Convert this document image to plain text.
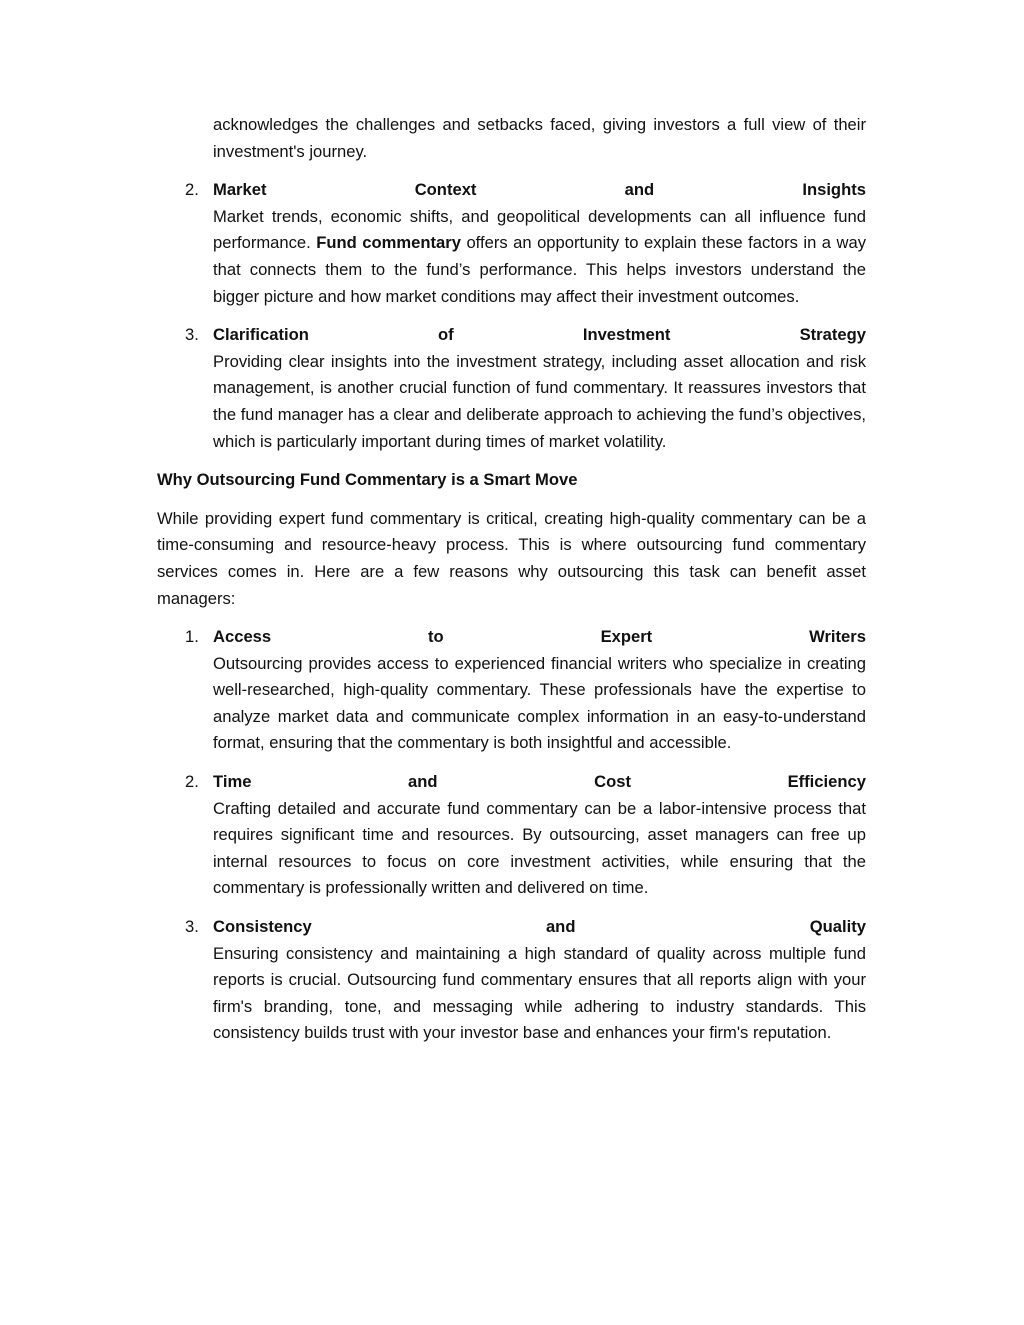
acknowledges the challenges and setbacks faced, giving investors a full view of their investment's journey.

2. Market	Context	and	Insights
Market trends, economic shifts, and geopolitical developments can all influence fund performance. Fund commentary offers an opportunity to explain these factors in a way that connects them to the fund’s performance. This helps investors understand the bigger picture and how market conditions may affect their investment outcomes.
3. Clarification	of	Investment	Strategy
Providing clear insights into the investment strategy, including asset allocation and risk management, is another crucial function of fund commentary. It reassures investors that the fund manager has a clear and deliberate approach to achieving the fund’s objectives, which is particularly important during times of market volatility.
Why Outsourcing Fund Commentary is a Smart Move

While providing expert fund commentary is critical, creating high-quality commentary can be a time-consuming and resource-heavy process. This is where outsourcing fund commentary services comes in. Here are a few reasons why outsourcing this task can benefit asset managers:

1. Access	to	Expert	Writers
Outsourcing provides access to experienced financial writers who specialize in creating well-researched, high-quality commentary. These professionals have the expertise to analyze market data and communicate complex information in an easy-to-understand format, ensuring that the commentary is both insightful and accessible.
2. Time	and	Cost	Efficiency
Crafting detailed and accurate fund commentary can be a labor-intensive process that requires significant time and resources. By outsourcing, asset managers can free up internal resources to focus on core investment activities, while ensuring that the commentary is professionally written and delivered on time.
3. Consistency	and	Quality
Ensuring consistency and maintaining a high standard of quality across multiple fund reports is crucial. Outsourcing fund commentary ensures that all reports align with your firm's branding, tone, and messaging while adhering to industry standards. This consistency builds trust with your investor base and enhances your firm's reputation.
